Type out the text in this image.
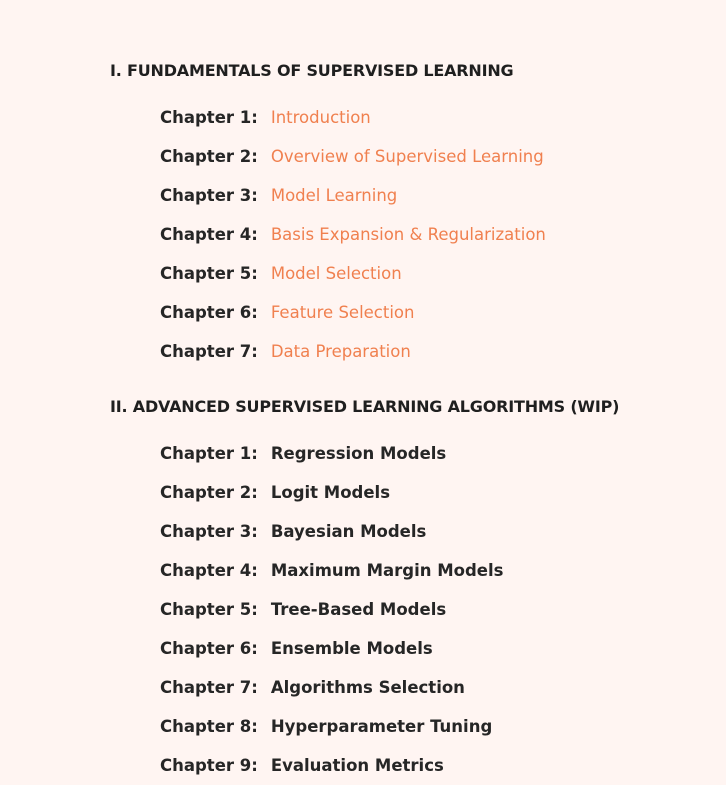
I. FUNDAMENTALS OF SUPERVISED LEARNING
Chapter 1: Introduction
Chapter 2: Overview of Supervised Learning
Chapter 3: Model Learning
Chapter 4: Basis Expansion & Regularization
Chapter 5: Model Selection
Chapter 6: Feature Selection
Chapter 7: Data Preparation
II. ADVANCED SUPERVISED LEARNING ALGORITHMS (WIP)
Chapter 1: Regression Models
Chapter 2: Logit Models
Chapter 3: Bayesian Models
Chapter 4: Maximum Margin Models
Chapter 5: Tree-Based Models
Chapter 6: Ensemble Models
Chapter 7: Algorithms Selection
Chapter 8: Hyperparameter Tuning
Chapter 9: Evaluation Metrics
